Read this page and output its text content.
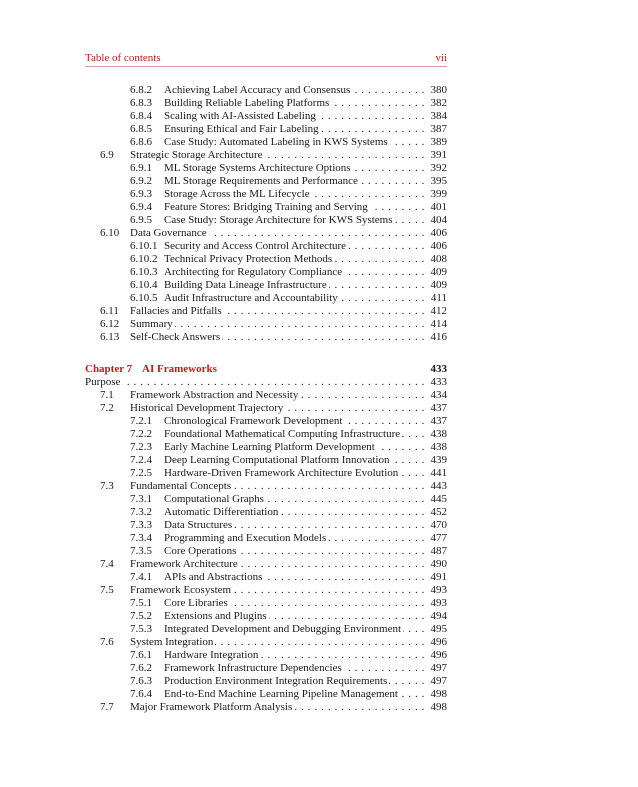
Table of contents	vii
6.8.2 Achieving Label Accuracy and Consensus . . .	380
6.8.3 Building Reliable Labeling Platforms . . .	382
6.8.4 Scaling with AI-Assisted Labeling . . .	384
6.8.5 Ensuring Ethical and Fair Labeling . . .	387
6.8.6 Case Study: Automated Labeling in KWS Systems . . .	389
6.9 Strategic Storage Architecture . . .	391
6.9.1 ML Storage Systems Architecture Options . . .	392
6.9.2 ML Storage Requirements and Performance . . .	395
6.9.3 Storage Across the ML Lifecycle . . .	399
6.9.4 Feature Stores: Bridging Training and Serving . . .	401
6.9.5 Case Study: Storage Architecture for KWS Systems . . .	404
6.10 Data Governance . . .	406
6.10.1 Security and Access Control Architecture . . .	406
6.10.2 Technical Privacy Protection Methods . . .	408
6.10.3 Architecting for Regulatory Compliance . . .	409
6.10.4 Building Data Lineage Infrastructure . . .	409
6.10.5 Audit Infrastructure and Accountability . . .	411
6.11 Fallacies and Pitfalls . . .	412
6.12 Summary . . .	414
6.13 Self-Check Answers . . .	416
Chapter 7 AI Frameworks	433
Purpose . . .	433
7.1 Framework Abstraction and Necessity . . .	434
7.2 Historical Development Trajectory . . .	437
7.2.1 Chronological Framework Development . . .	437
7.2.2 Foundational Mathematical Computing Infrastructure . . .	438
7.2.3 Early Machine Learning Platform Development . . .	438
7.2.4 Deep Learning Computational Platform Innovation . . .	439
7.2.5 Hardware-Driven Framework Architecture Evolution . . .	441
7.3 Fundamental Concepts . . .	443
7.3.1 Computational Graphs . . .	445
7.3.2 Automatic Differentiation . . .	452
7.3.3 Data Structures . . .	470
7.3.4 Programming and Execution Models . . .	477
7.3.5 Core Operations . . .	487
7.4 Framework Architecture . . .	490
7.4.1 APIs and Abstractions . . .	491
7.5 Framework Ecosystem . . .	493
7.5.1 Core Libraries . . .	493
7.5.2 Extensions and Plugins . . .	494
7.5.3 Integrated Development and Debugging Environment . . .	495
7.6 System Integration . . .	496
7.6.1 Hardware Integration . . .	496
7.6.2 Framework Infrastructure Dependencies . . .	497
7.6.3 Production Environment Integration Requirements . . .	497
7.6.4 End-to-End Machine Learning Pipeline Management . . .	498
7.7 Major Framework Platform Analysis . . .	498
